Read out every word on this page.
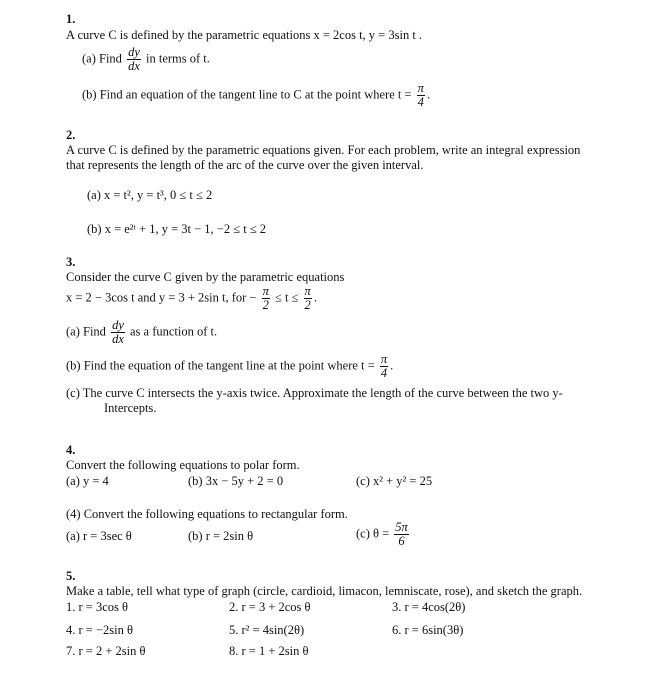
1.
A curve C is defined by the parametric equations x = 2cos t, y = 3sin t .
(a) Find $\frac{dy}{dx}$ in terms of t.
(b) Find an equation of the tangent line to C at the point where $t = \frac{\pi}{4}$ .
2.
A curve C is defined by the parametric equations given. For each problem, write an integral expression
that represents the length of the arc of the curve over the given interval.
(a) x = t², y = t³, 0 ≤ t ≤ 2
(b) x = e²ᵗ + 1, y = 3t − 1, −2 ≤ t ≤ 2
3.
Consider the curve C given by the parametric equations
x = 2 − 3cos t and y = 3 + 2sin t, for − $\frac{\pi}{2} \le t \le \frac{\pi}{2}$ .
(a) Find $\frac{dy}{dx}$ as a function of t.
(b) Find the equation of the tangent line at the point where $t = \frac{\pi}{4}$ .
(c) The curve C intersects the y-axis twice. Approximate the length of the curve between the two y-
Intercepts.
4.
Convert the following equations to polar form.
(a) y = 4	(b) 3x − 5y + 2 = 0	(c) x² + y² = 25
(4) Convert the following equations to rectangular form.
(a) r = 3sec θ	(b) r = 2sin θ	(c) $\theta = \frac{5\pi}{6}$
5.
Make a table, tell what type of graph (circle, cardioid, limacon, lemniscate, rose), and sketch the graph.
1. r = 3cos θ	2. r = 3 + 2cos θ	3. r = 4cos(2θ)
4. r = −2sin θ	5. r² = 4sin(2θ)	6. r = 6sin(3θ)
7. r = 2 + 2sin θ	8. r = 1 + 2sin θ
